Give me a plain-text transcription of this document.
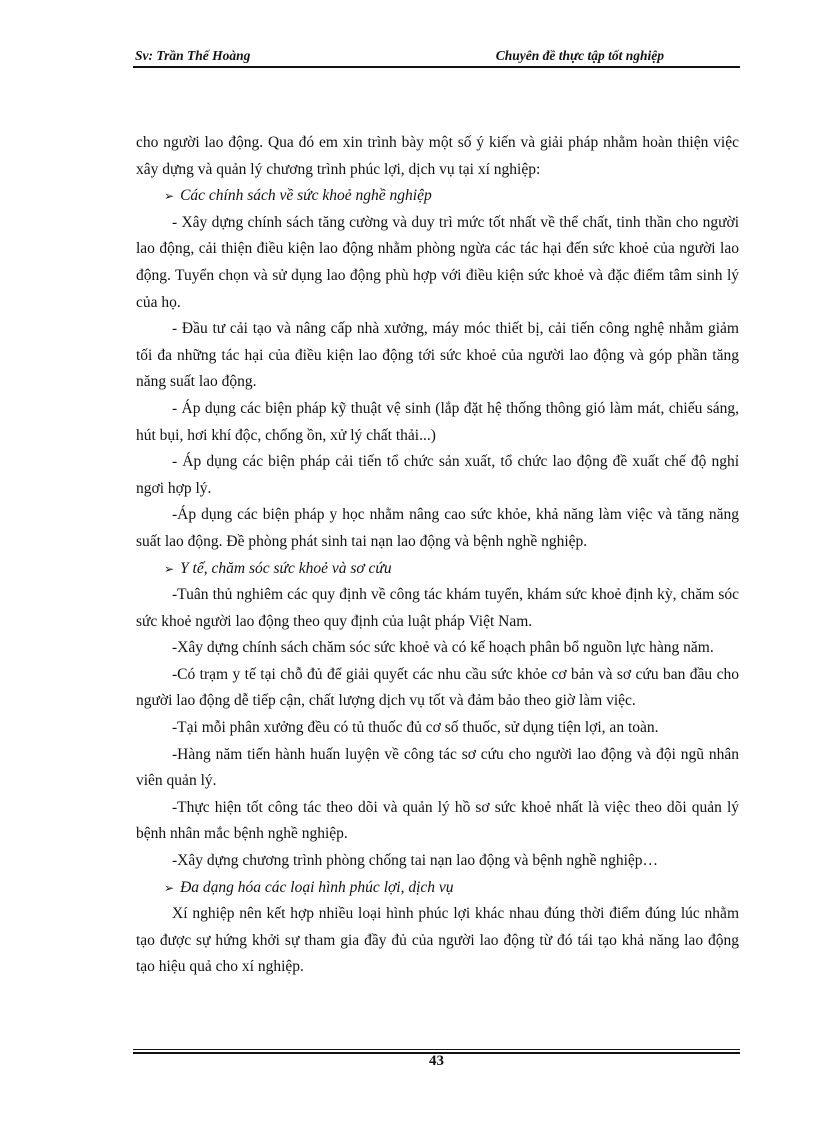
Sv: Trần Thế Hoàng	Chuyên đề thực tập tốt nghiệp

cho người lao động. Qua đó em xin trình bày một số ý kiến và giải pháp nhằm hoàn thiện việc xây dựng và quản lý chương trình phúc lợi, dịch vụ tại xí nghiệp:

➢ Các chính sách về sức khoẻ nghề nghiệp

- Xây dựng chính sách tăng cường và duy trì mức tốt nhất về thể chất, tinh thần cho người lao động, cải thiện điều kiện lao động nhằm phòng ngừa các tác hại đến sức khoẻ của người lao động. Tuyển chọn và sử dụng lao động phù hợp với điều kiện sức khoẻ và đặc điểm tâm sinh lý của họ.

- Đầu tư cải tạo và nâng cấp nhà xưởng, máy móc thiết bị, cải tiến công nghệ nhằm giảm tối đa những tác hại của điều kiện lao động tới sức khoẻ của người lao động và góp phần tăng năng suất lao động.

- Áp dụng các biện pháp kỹ thuật vệ sinh (lắp đặt hệ thống thông gió làm mát, chiếu sáng, hút bụi, hơi khí độc, chống ồn, xử lý chất thải...)

- Áp dụng các biện pháp cải tiến tổ chức sản xuất, tổ chức lao động đề xuất chế độ nghỉ ngơi hợp lý.

-Áp dụng các biện pháp y học nhằm nâng cao sức khỏe, khả năng làm việc và tăng năng suất lao động. Đề phòng phát sinh tai nạn lao động và bệnh nghề nghiệp.

➢ Y tế, chăm sóc sức khoẻ và sơ cứu

-Tuân thủ nghiêm các quy định về công tác khám tuyển, khám sức khoẻ định kỳ, chăm sóc sức khoẻ người lao động theo quy định của luật pháp Việt Nam.

-Xây dựng chính sách chăm sóc sức khoẻ và có kế hoạch phân bổ nguồn lực hàng năm.

-Có trạm y tế tại chỗ đủ để giải quyết các nhu cầu sức khỏe cơ bản và sơ cứu ban đầu cho người lao động dễ tiếp cận, chất lượng dịch vụ tốt và đảm bảo theo giờ làm việc.

-Tại mỗi phân xưởng đều có tủ thuốc đủ cơ số thuốc, sử dụng tiện lợi, an toàn.

-Hàng năm tiến hành huấn luyện về công tác sơ cứu cho người lao động và đội ngũ nhân viên quản lý.

-Thực hiện tốt công tác theo dõi và quản lý hồ sơ sức khoẻ nhất là việc theo dõi quản lý bệnh nhân mắc bệnh nghề nghiệp.

-Xây dựng chương trình phòng chống tai nạn lao động và bệnh nghề nghiệp…

➢ Đa dạng hóa các loại hình phúc lợi, dịch vụ

Xí nghiệp nên kết hợp nhiều loại hình phúc lợi khác nhau đúng thời điểm đúng lúc nhằm tạo được sự hứng khởi sự tham gia đầy đủ của người lao động từ đó tái tạo khả năng lao động tạo hiệu quả cho xí nghiệp.

43
